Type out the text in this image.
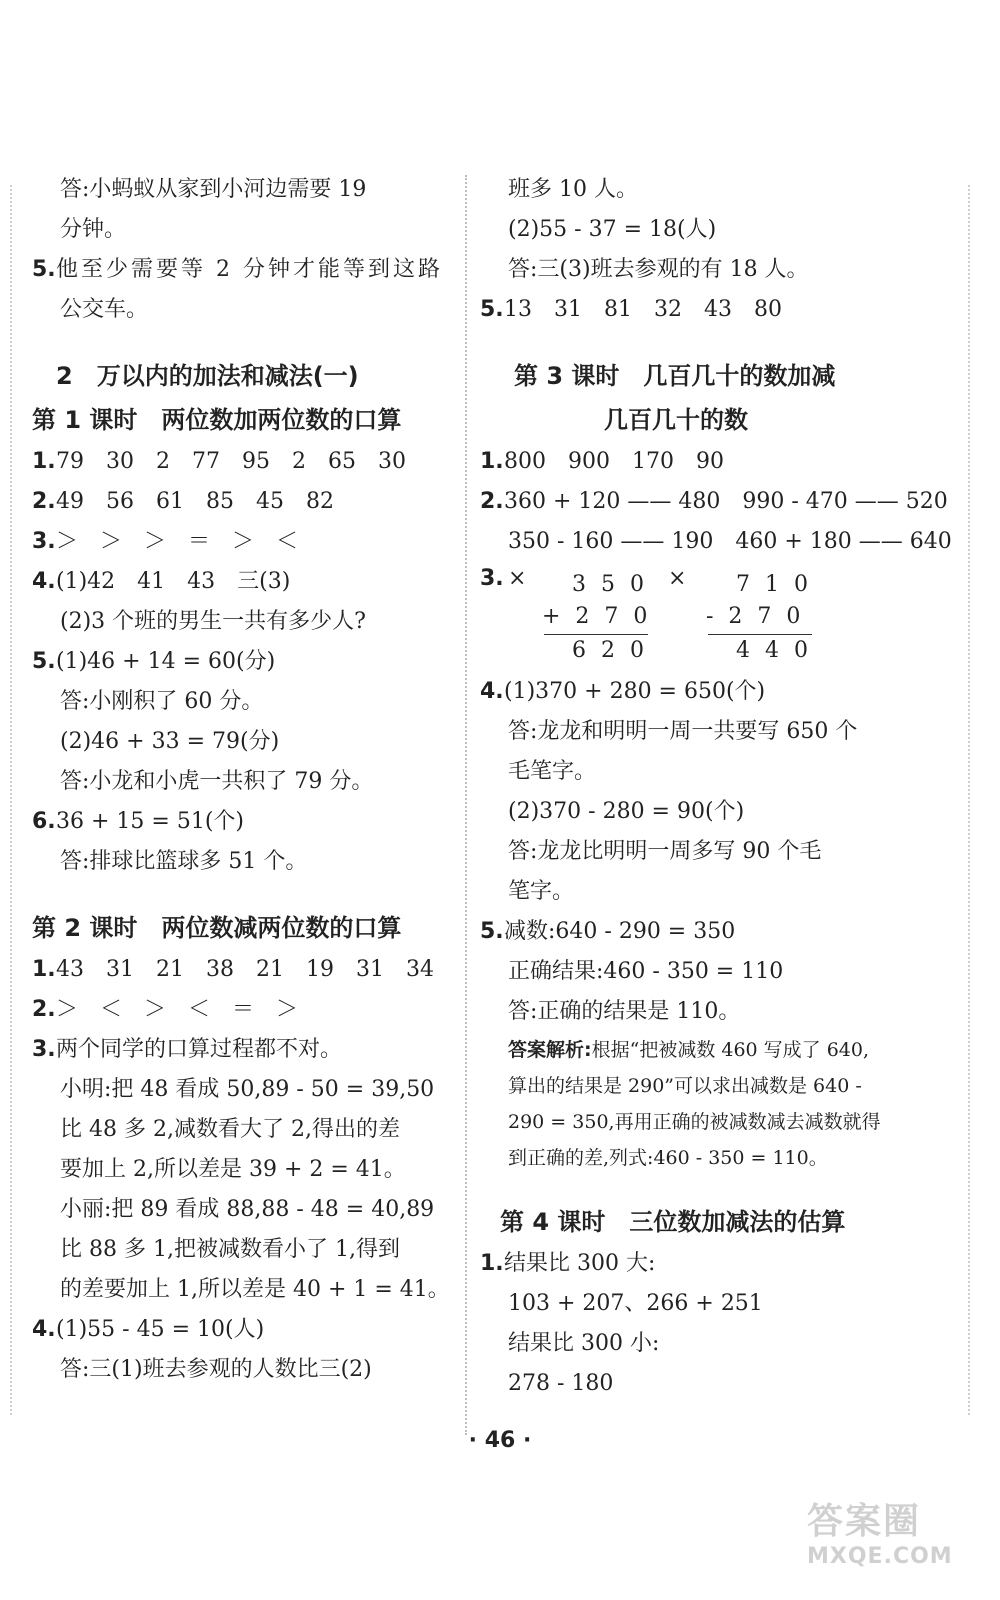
答:小蚂蚁从家到小河边需要 19
分钟。
5.他至少需要等 2 分钟才能等到这路
公交车。
2　万以内的加法和减法(一)
第 1 课时　两位数加两位数的口算
1.79　30　2　77　95　2　65　30
2.49　56　61　85　45　82
3.＞　＞　＞　＝　＞　＜
4.(1)42　41　43　三(3)
(2)3 个班的男生一共有多少人?
5.(1)46 + 14 = 60(分)
答:小刚积了 60 分。
(2)46 + 33 = 79(分)
答:小龙和小虎一共积了 79 分。
6.36 + 15 = 51(个)
答:排球比篮球多 51 个。
第 2 课时　两位数减两位数的口算
1.43　31　21　38　21　19　31　34
2.＞　＜　＞　＜　＝　＞
3.两个同学的口算过程都不对。
小明:把 48 看成 50,89 - 50 = 39,50
比 48 多 2,减数看大了 2,得出的差
要加上 2,所以差是 39 + 2 = 41。
小丽:把 89 看成 88,88 - 48 = 40,89
比 88 多 1,把被减数看小了 1,得到
的差要加上 1,所以差是 40 + 1 = 41。
4.(1)55 - 45 = 10(人)
答:三(1)班去参观的人数比三(2)
班多 10 人。
(2)55 - 37 = 18(人)
答:三(3)班去参观的有 18 人。
5.13　31　81　32　43　80
第 3 课时　几百几十的数加减
几百几十的数
1.800　900　170　90
2.360 + 120 —— 480　990 - 470 —— 520
350 - 160 —— 190　460 + 180 —— 640
3. × 3 5 0
+ 2 7 0
6 2 0
× 7 1 0
- 2 7 0
4 4 0
4.(1)370 + 280 = 650(个)
答:龙龙和明明一周一共要写 650 个
毛笔字。
(2)370 - 280 = 90(个)
答:龙龙比明明一周多写 90 个毛
笔字。
5.减数:640 - 290 = 350
正确结果:460 - 350 = 110
答:正确的结果是 110。
答案解析:根据“把被减数 460 写成了 640,
算出的结果是 290”可以求出减数是 640 -
290 = 350,再用正确的被减数减去减数就得
到正确的差,列式:460 - 350 = 110。
第 4 课时　三位数加减法的估算
1.结果比 300 大:
103 + 207、266 + 251
结果比 300 小:
278 - 180
· 46 ·
答案圈
MXQE.COM
